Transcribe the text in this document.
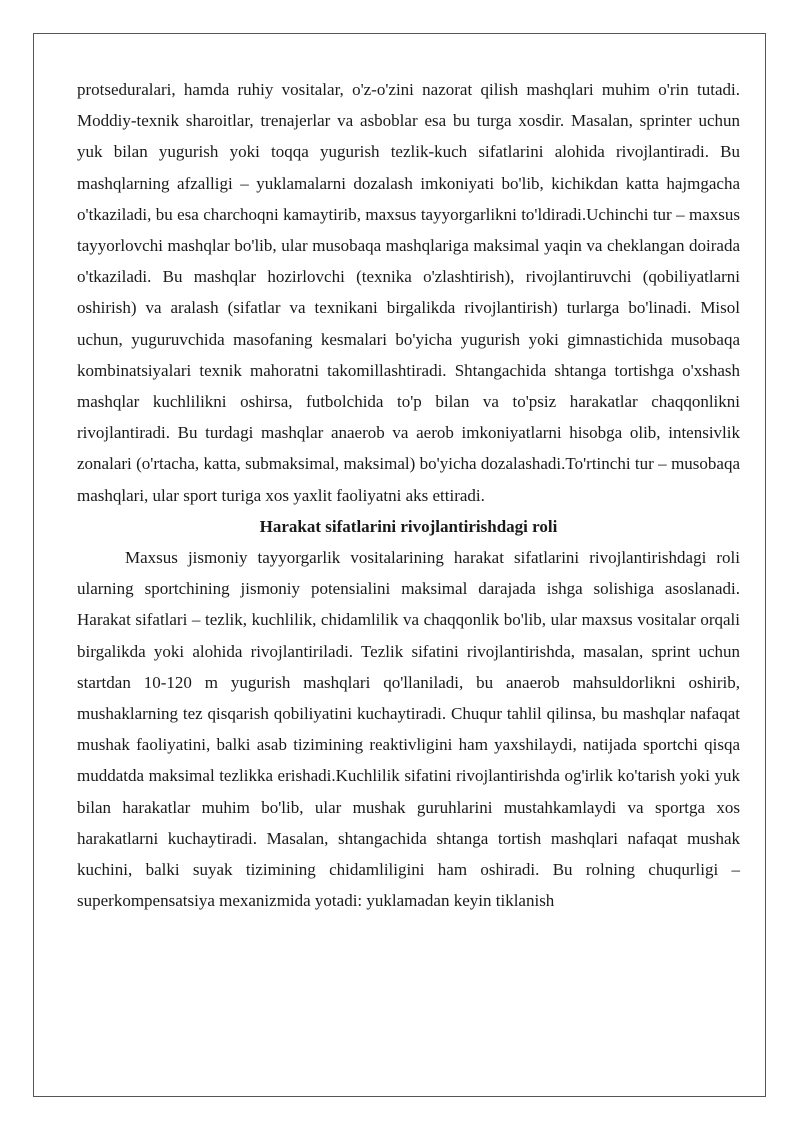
protseduralari, hamda ruhiy vositalar, o'z-o'zini nazorat qilish mashqlari muhim o'rin tutadi. Moddiy-texnik sharoitlar, trenajerlar va asboblar esa bu turga xosdir. Masalan, sprinter uchun yuk bilan yugurish yoki toqqa yugurish tezlik-kuch sifatlarini alohida rivojlantiradi. Bu mashqlarning afzalligi – yuklamalarni dozalash imkoniyati bo'lib, kichikdan katta hajmgacha o'tkaziladi, bu esa charchoqni kamaytirib, maxsus tayyorgarlikni to'ldiradi.Uchinchi tur – maxsus tayyorlovchi mashqlar bo'lib, ular musobaqa mashqlariga maksimal yaqin va cheklangan doirada o'tkaziladi. Bu mashqlar hozirlovchi (texnika o'zlashtirish), rivojlantiruvchi (qobiliyatlarni oshirish) va aralash (sifatlar va texnikani birgalikda rivojlantirish) turlarga bo'linadi. Misol uchun, yuguruvchida masofaning kesmalari bo'yicha yugurish yoki gimnastichida musobaqa kombinatsiyalari texnik mahoratni takomillashtiradi. Shtangachida shtanga tortishga o'xshash mashqlar kuchlilikni oshirsa, futbolchida to'p bilan va to'psiz harakatlar chaqqonlikni rivojlantiradi. Bu turdagi mashqlar anaerob va aerob imkoniyatlarni hisobga olib, intensivlik zonalari (o'rtacha, katta, submaksimal, maksimal) bo'yicha dozalashadi.To'rtinchi tur – musobaqa mashqlari, ular sport turiga xos yaxlit faoliyatni aks ettiradi.

Harakat sifatlarini rivojlantirishdagi roli

Maxsus jismoniy tayyorgarlik vositalarining harakat sifatlarini rivojlantirishdagi roli ularning sportchining jismoniy potensialini maksimal darajada ishga solishiga asoslanadi. Harakat sifatlari – tezlik, kuchlilik, chidamlilik va chaqqonlik bo'lib, ular maxsus vositalar orqali birgalikda yoki alohida rivojlantiriladi. Tezlik sifatini rivojlantirishda, masalan, sprint uchun startdan 10-120 m yugurish mashqlari qo'llaniladi, bu anaerob mahsuldorlikni oshirib, mushaklarning tez qisqarish qobiliyatini kuchaytiradi. Chuqur tahlil qilinsa, bu mashqlar nafaqat mushak faoliyatini, balki asab tizimining reaktivligini ham yaxshilaydi, natijada sportchi qisqa muddatda maksimal tezlikka erishadi.Kuchlilik sifatini rivojlantirishda og'irlik ko'tarish yoki yuk bilan harakatlar muhim bo'lib, ular mushak guruhlarini mustahkamlaydi va sportga xos harakatlarni kuchaytiradi. Masalan, shtangachida shtanga tortish mashqlari nafaqat mushak kuchini, balki suyak tizimining chidamliligini ham oshiradi. Bu rolning chuqurligi – superkompensatsiya mexanizmida yotadi: yuklamadan keyin tiklanish
